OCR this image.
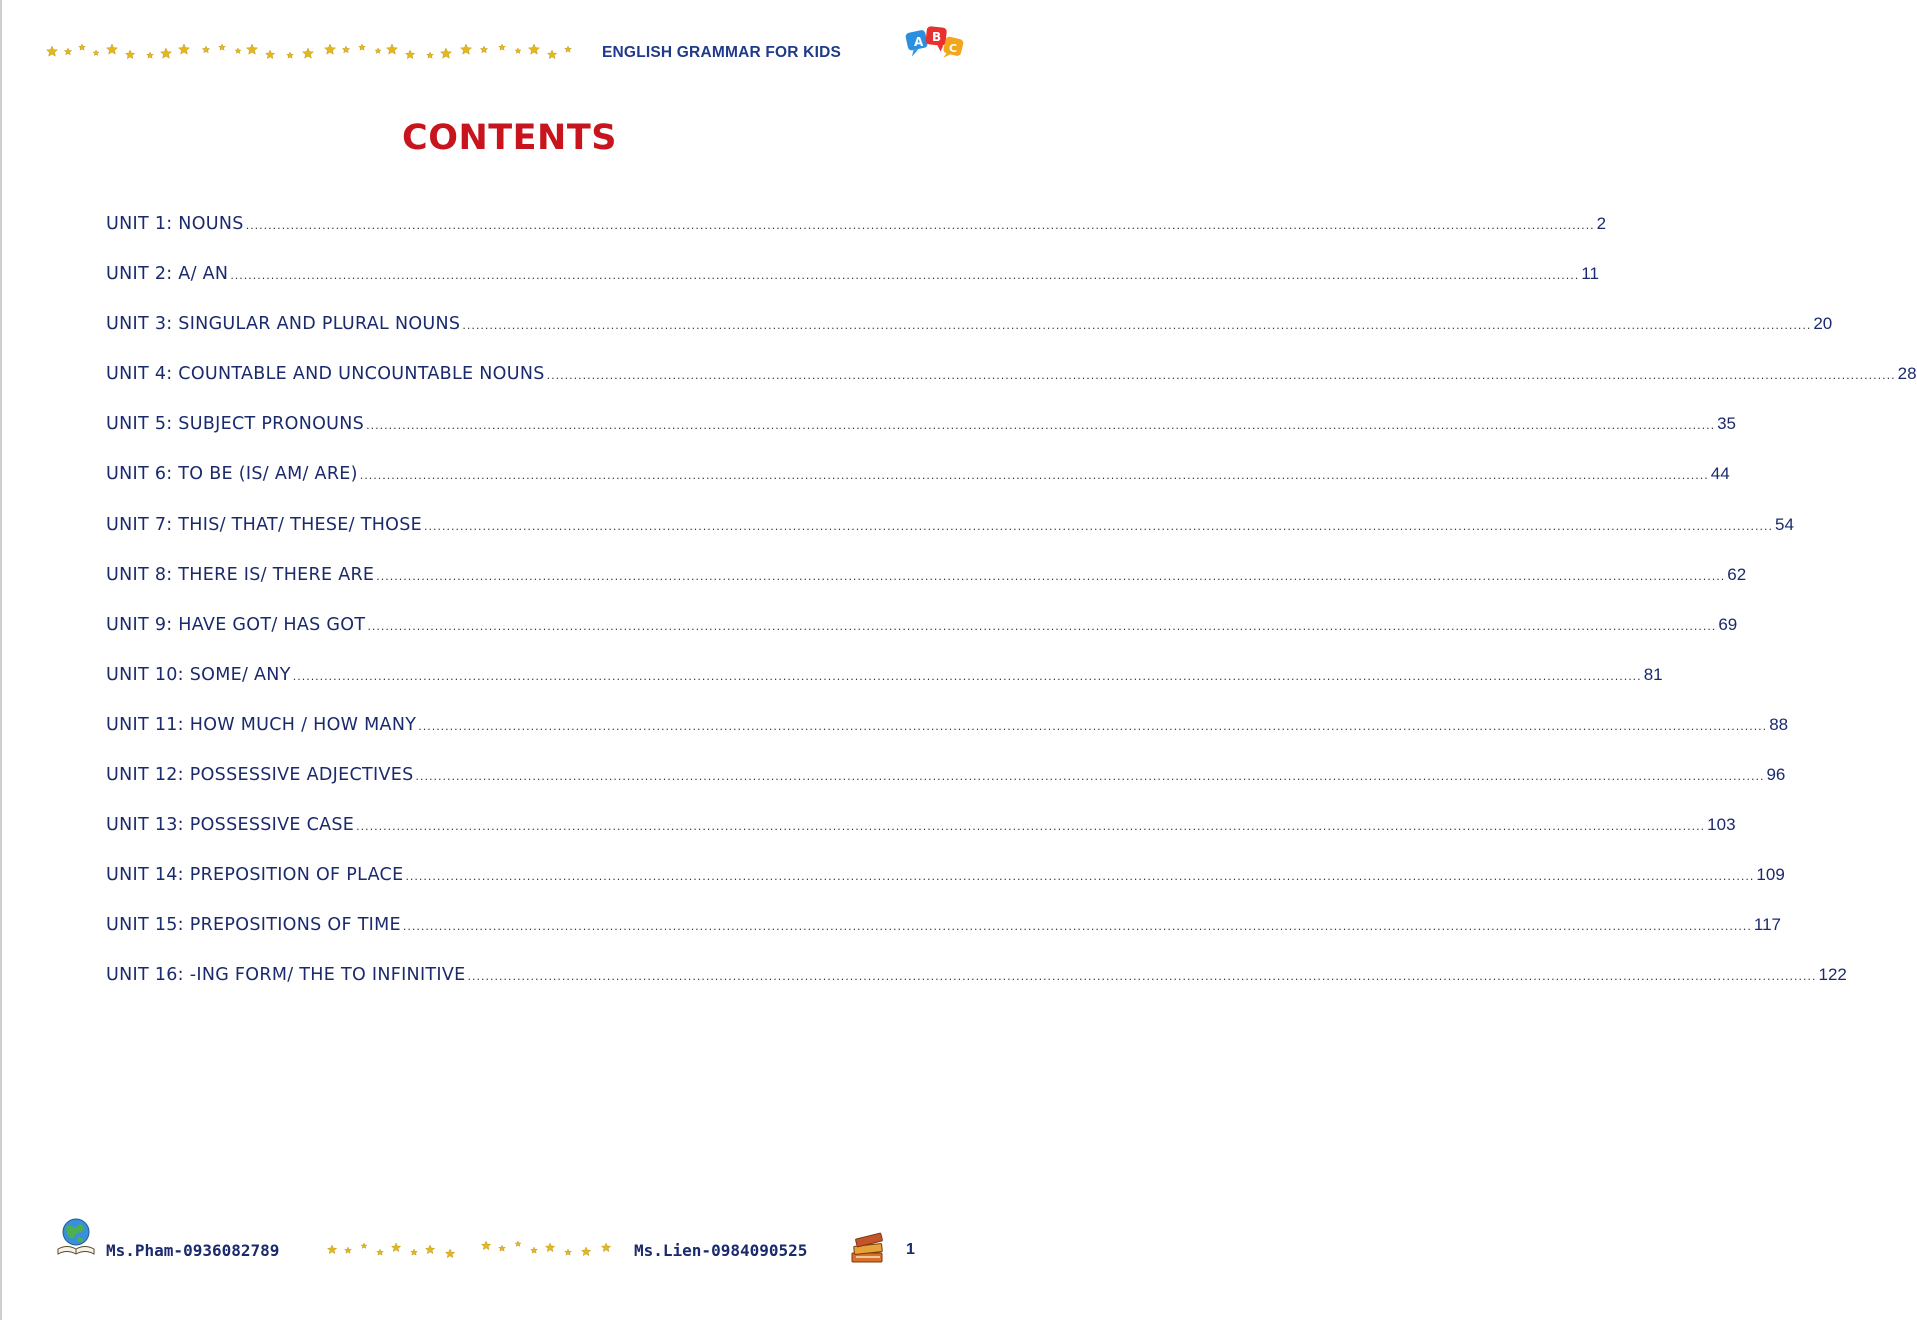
ENGLISH GRAMMAR FOR KIDS
A B
C
CONTENTS
UNIT 1: NOUNS ............................................................................................................................................................................................................................................................................................................ 2
UNIT 2: A/ AN ............................................................................................................................................................................................................................................................................................................ 11
UNIT 3: SINGULAR AND PLURAL NOUNS ............................................................................................................................................................................................................................................................................................................ 20
UNIT 4: COUNTABLE AND UNCOUNTABLE NOUNS ............................................................................................................................................................................................................................................................................................................ 28
UNIT 5: SUBJECT PRONOUNS ............................................................................................................................................................................................................................................................................................................ 35
UNIT 6: TO BE (IS/ AM/ ARE) ............................................................................................................................................................................................................................................................................................................ 44
UNIT 7: THIS/ THAT/ THESE/ THOSE ............................................................................................................................................................................................................................................................................................................ 54
UNIT 8: THERE IS/ THERE ARE ............................................................................................................................................................................................................................................................................................................ 62
UNIT 9: HAVE GOT/ HAS GOT ............................................................................................................................................................................................................................................................................................................ 69
UNIT 10: SOME/ ANY ............................................................................................................................................................................................................................................................................................................ 81
UNIT 11: HOW MUCH / HOW MANY ............................................................................................................................................................................................................................................................................................................ 88
UNIT 12: POSSESSIVE ADJECTIVES ............................................................................................................................................................................................................................................................................................................ 96
UNIT 13: POSSESSIVE CASE ............................................................................................................................................................................................................................................................................................................ 103
UNIT 14: PREPOSITION OF PLACE ............................................................................................................................................................................................................................................................................................................ 109
UNIT 15: PREPOSITIONS OF TIME ............................................................................................................................................................................................................................................................................................................ 117
UNIT 16: -ING FORM/ THE TO INFINITIVE ............................................................................................................................................................................................................................................................................................................ 122
Ms.Pham-0936082789	Ms.Lien-0984090525	1
